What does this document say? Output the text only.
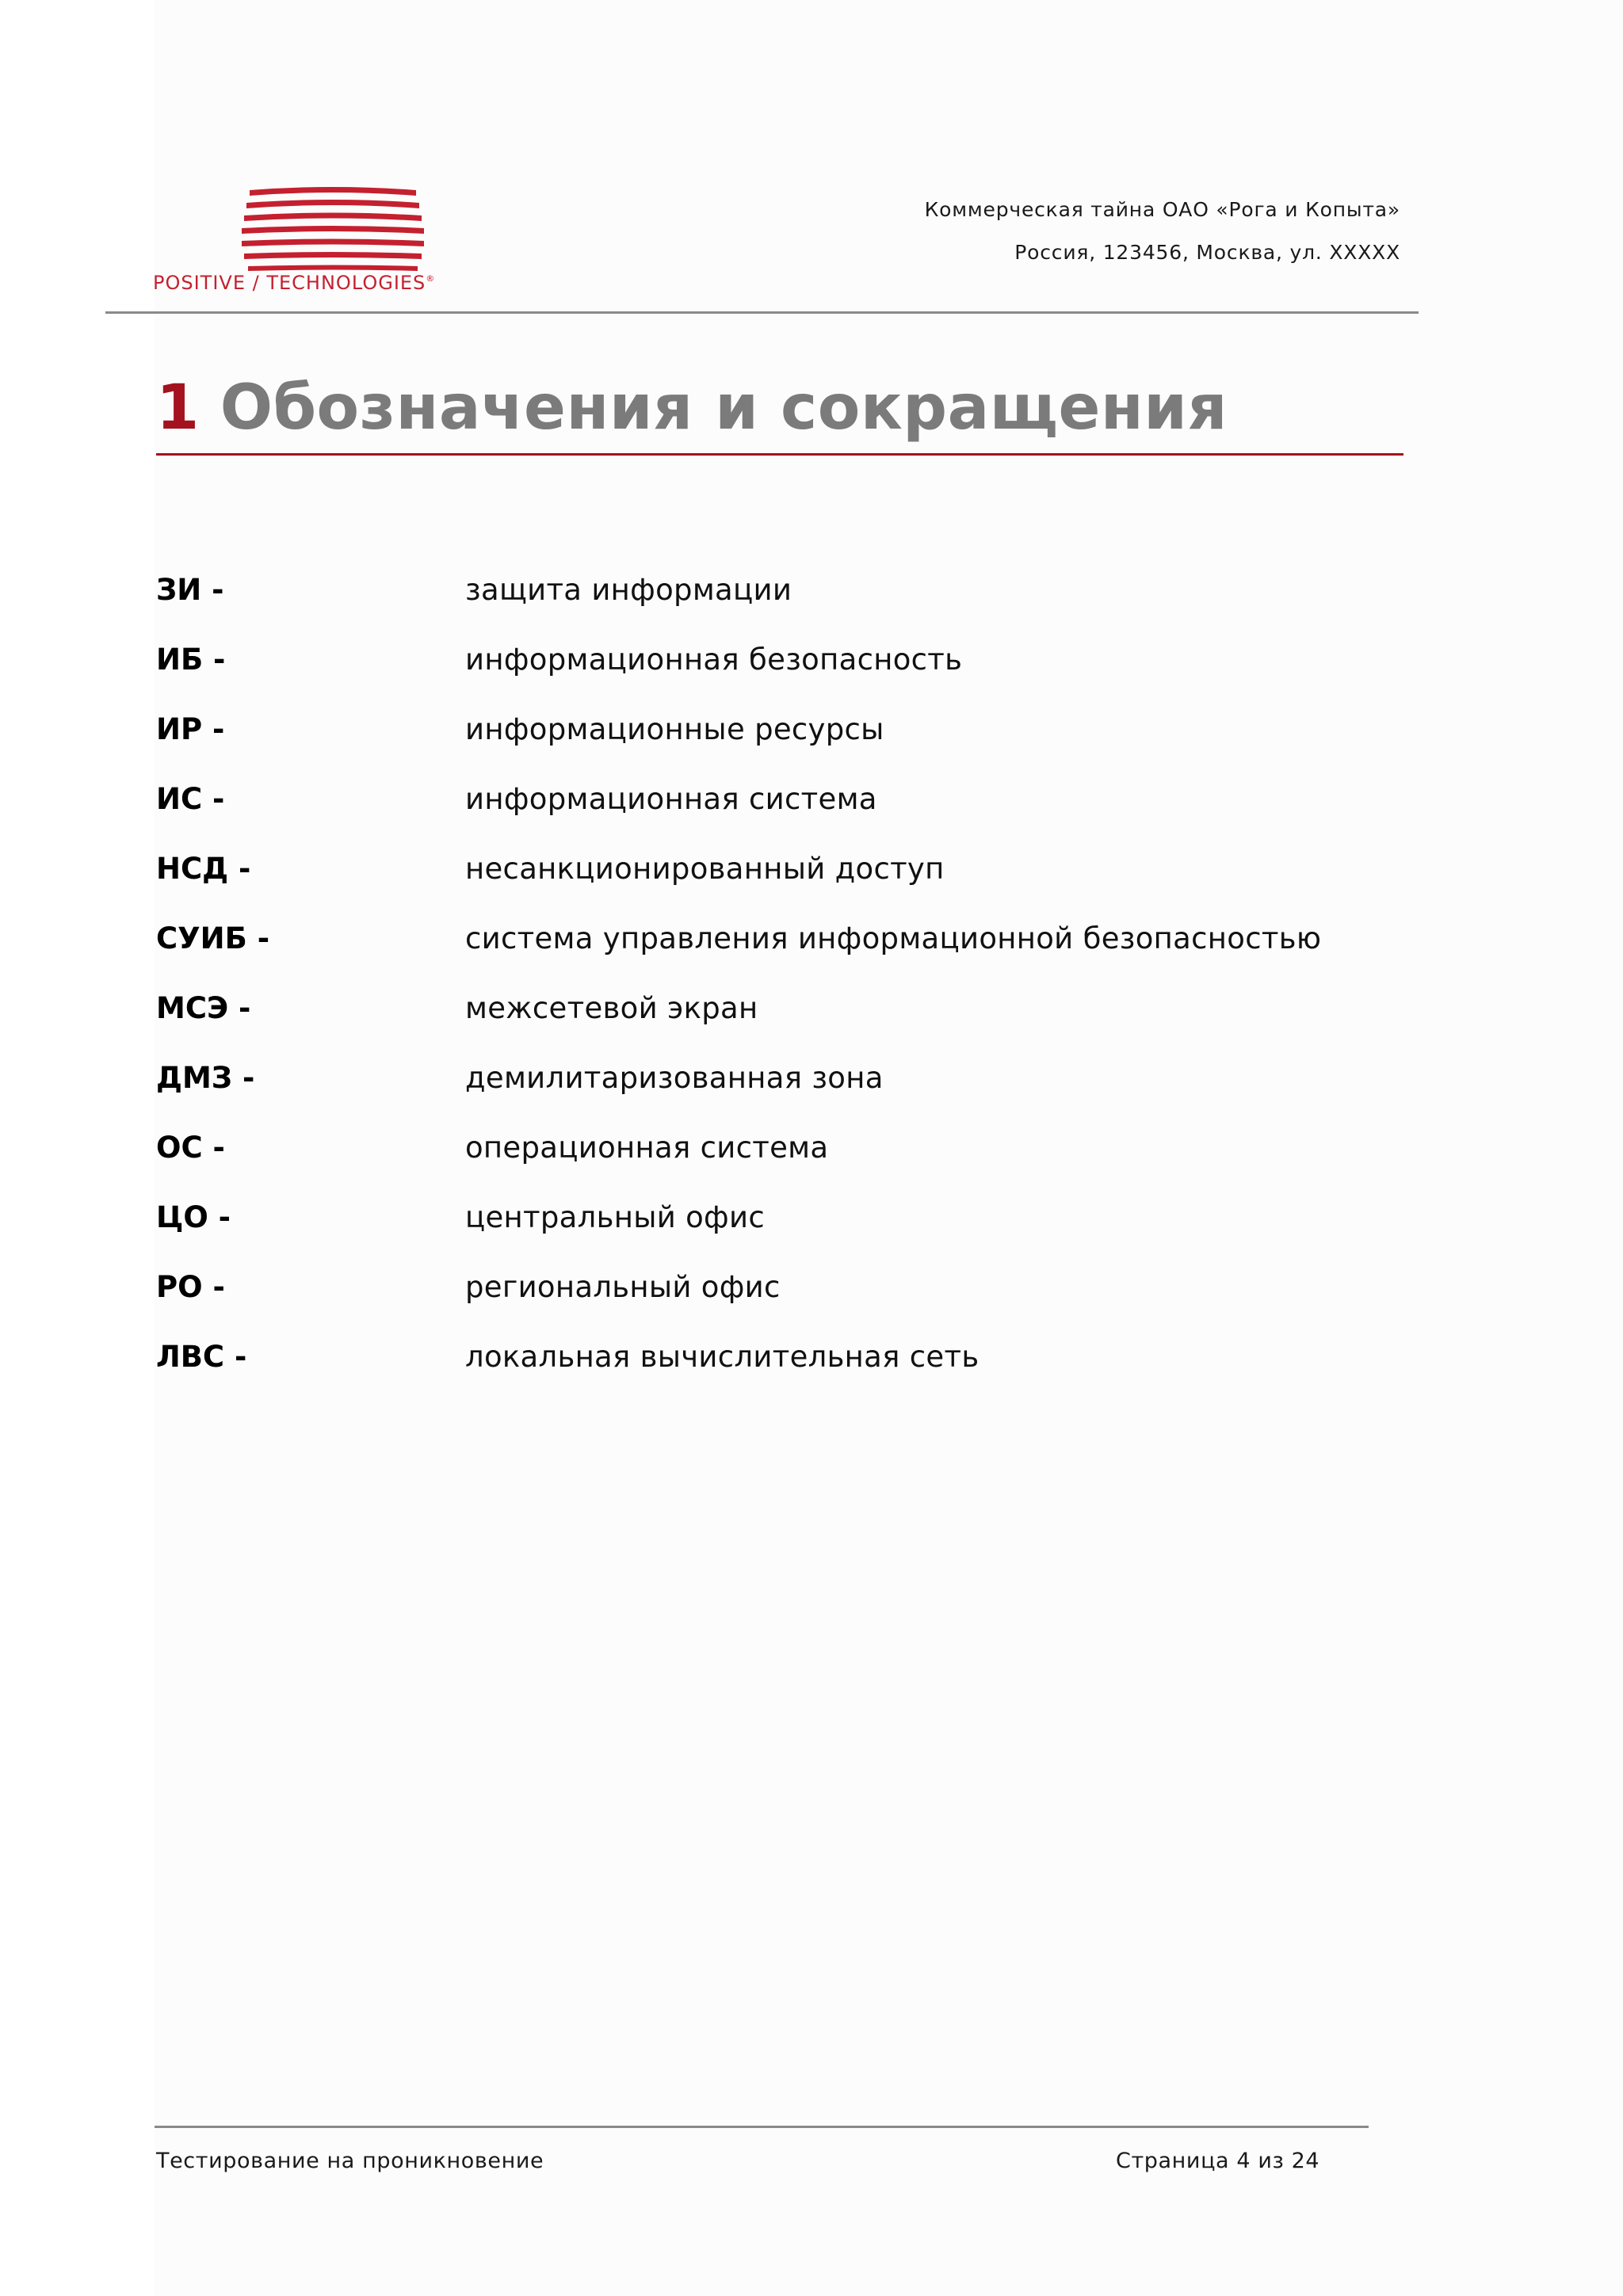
POSITIVE / TECHNOLOGIES®
Коммерческая тайна ОАО «Рога и Копыта»
Россия, 123456, Москва, ул. XXXXX
1 Обозначения и сокращения
ЗИ -	защита информации
ИБ -	информационная безопасность
ИР -	информационные ресурсы
ИС -	информационная система
НСД -	несанкционированный доступ
СУИБ -	система управления информационной безопасностью
МСЭ -	межсетевой экран
ДМЗ -	демилитаризованная зона
ОС -	операционная система
ЦО -	центральный офис
РО -	региональный офис
ЛВС -	локальная вычислительная сеть
Тестирование на проникновение	Страница 4 из 24
